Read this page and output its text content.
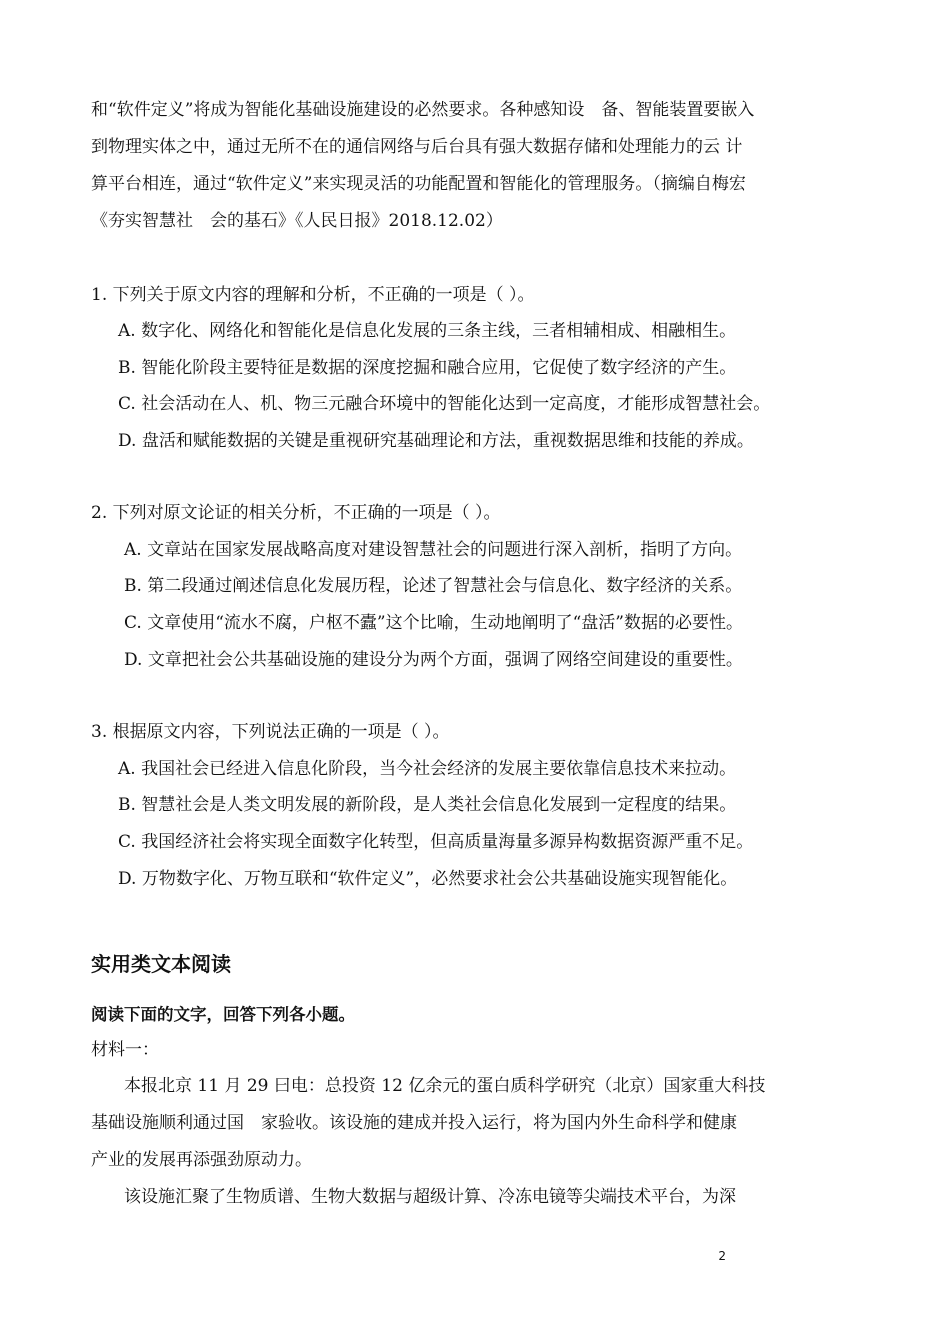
和“软件定义”将成为智能化基础设施建设的必然要求。各种感知设　备、智能装置要嵌入
到物理实体之中，通过无所不在的通信网络与后台具有强大数据存储和处理能力的云 计
算平台相连，通过“软件定义”来实现灵活的功能配置和智能化的管理服务。（摘编自梅宏
《夯实智慧社　会的基石》《人民日报》2018.12.02）
1. 下列关于原文内容的理解和分析，不正确的一项是（ ）。
A. 数字化、网络化和智能化是信息化发展的三条主线，三者相辅相成、相融相生。
B. 智能化阶段主要特征是数据的深度挖掘和融合应用，它促使了数字经济的产生。
C. 社会活动在人、机、物三元融合环境中的智能化达到一定高度，才能形成智慧社会。
D. 盘活和赋能数据的关键是重视研究基础理论和方法，重视数据思维和技能的养成。
2. 下列对原文论证的相关分析，不正确的一项是（ ）。
A. 文章站在国家发展战略高度对建设智慧社会的问题进行深入剖析，指明了方向。
B. 第二段通过阐述信息化发展历程，论述了智慧社会与信息化、数字经济的关系。
C. 文章使用“流水不腐，户枢不蠹”这个比喻，生动地阐明了“盘活”数据的必要性。
D. 文章把社会公共基础设施的建设分为两个方面，强调了网络空间建设的重要性。
3. 根据原文内容，下列说法正确的一项是（ ）。
A. 我国社会已经进入信息化阶段，当今社会经济的发展主要依靠信息技术来拉动。
B. 智慧社会是人类文明发展的新阶段，是人类社会信息化发展到一定程度的结果。
C. 我国经济社会将实现全面数字化转型，但高质量海量多源异构数据资源严重不足。
D. 万物数字化、万物互联和“软件定义”，必然要求社会公共基础设施实现智能化。
实用类文本阅读
阅读下面的文字，回答下列各小题。
材料一：
本报北京 11 月 29 曰电：总投资 12 亿余元的蛋白质科学研究（北京）国家重大科技
基础设施顺利通过国　家验收。该设施的建成并投入运行，将为国内外生命科学和健康
产业的发展再添强劲原动力。
该设施汇聚了生物质谱、生物大数据与超级计算、冷冻电镜等尖端技术平台，为深
2
